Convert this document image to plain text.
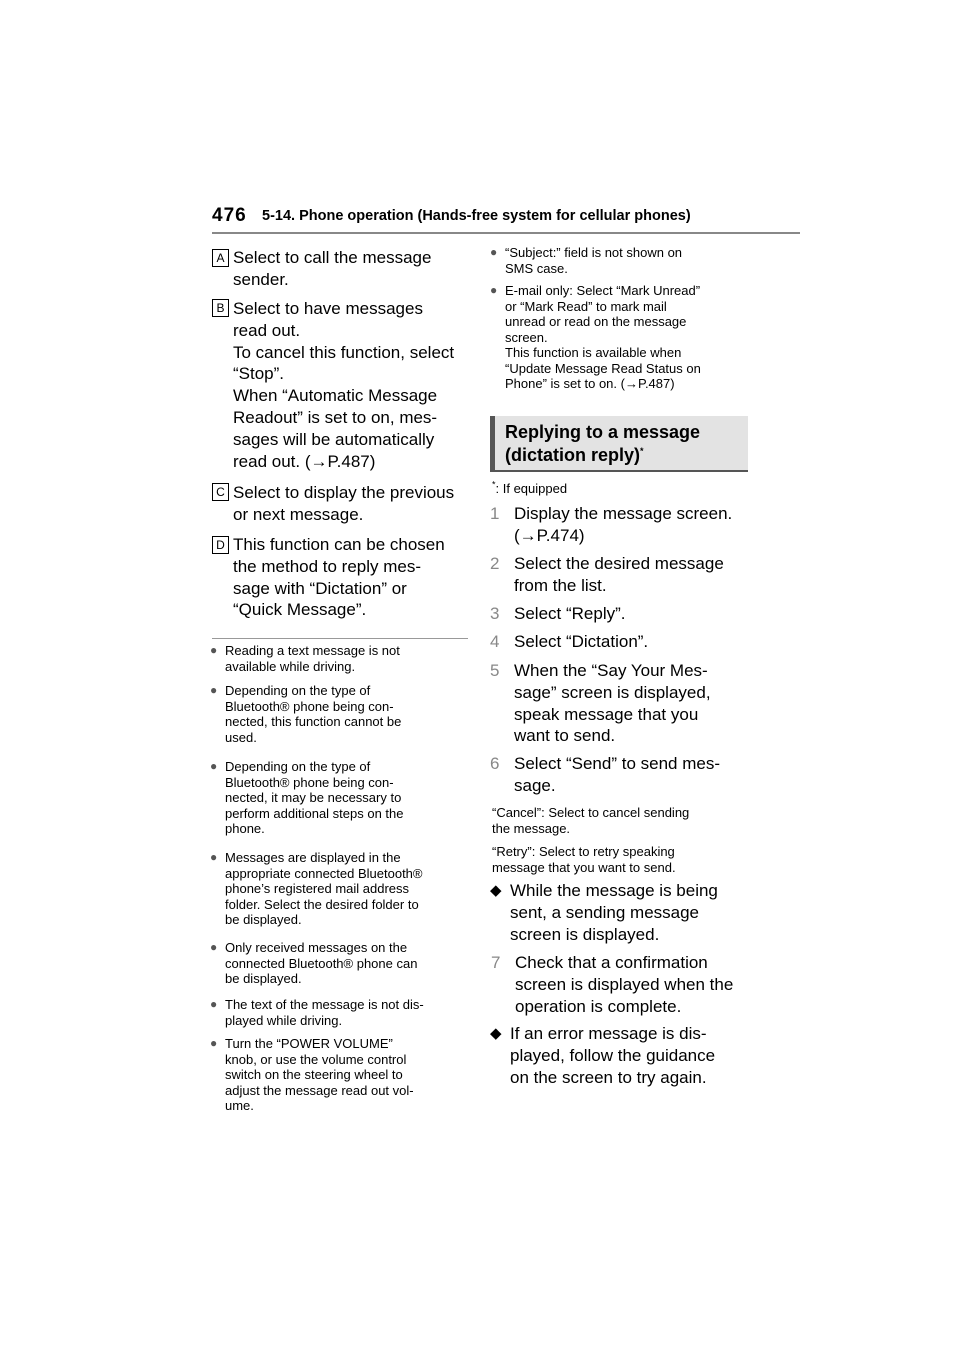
476 5-14. Phone operation (Hands-free system for cellular phones)
A Select to call the message
sender.
B Select to have messages
read out.
To cancel this function, select
“Stop”.
When “Automatic Message
Readout” is set to on, mes-
sages will be automatically
read out. (→P.487)
C Select to display the previous
or next message.
D This function can be chosen
the method to reply mes-
sage with “Dictation” or
“Quick Message”.
● Reading a text message is not

available while driving.

● Depending on the type of

Bluetooth® phone being con-

nected, this function cannot be

used.

● Depending on the type of

Bluetooth® phone being con-

nected, it may be necessary to

perform additional steps on the

phone.

● Messages are displayed in the

appropriate connected Bluetooth®

phone’s registered mail address

folder. Select the desired folder to

be displayed.

● Only received messages on the

connected Bluetooth® phone can

be displayed.

● The text of the message is not dis-

played while driving.

● Turn the “POWER VOLUME”

knob, or use the volume control

switch on the steering wheel to

adjust the message read out vol-

ume.

● “Subject:” field is not shown on

SMS case.

● E-mail only: Select “Mark Unread”

or “Mark Read” to mark mail

unread or read on the message

screen.

This function is available when

“Update Message Read Status on

Phone” is set to on. (→P.487)

Replying to a message
(dictation reply)*
*: If equipped
1 Display the message screen.
(→P.474)
2 Select the desired message
from the list.
3 Select “Reply”.
4 Select “Dictation”.
5 When the “Say Your Mes-
sage” screen is displayed,
speak message that you
want to send.
6 Select “Send” to send mes-
sage.
“Cancel”: Select to cancel sending
the message.
“Retry”: Select to retry speaking
message that you want to send.
◆ While the message is being
sent, a sending message
screen is displayed.
7 Check that a confirmation
screen is displayed when the
operation is complete.
◆ If an error message is dis-
played, follow the guidance
on the screen to try again.
